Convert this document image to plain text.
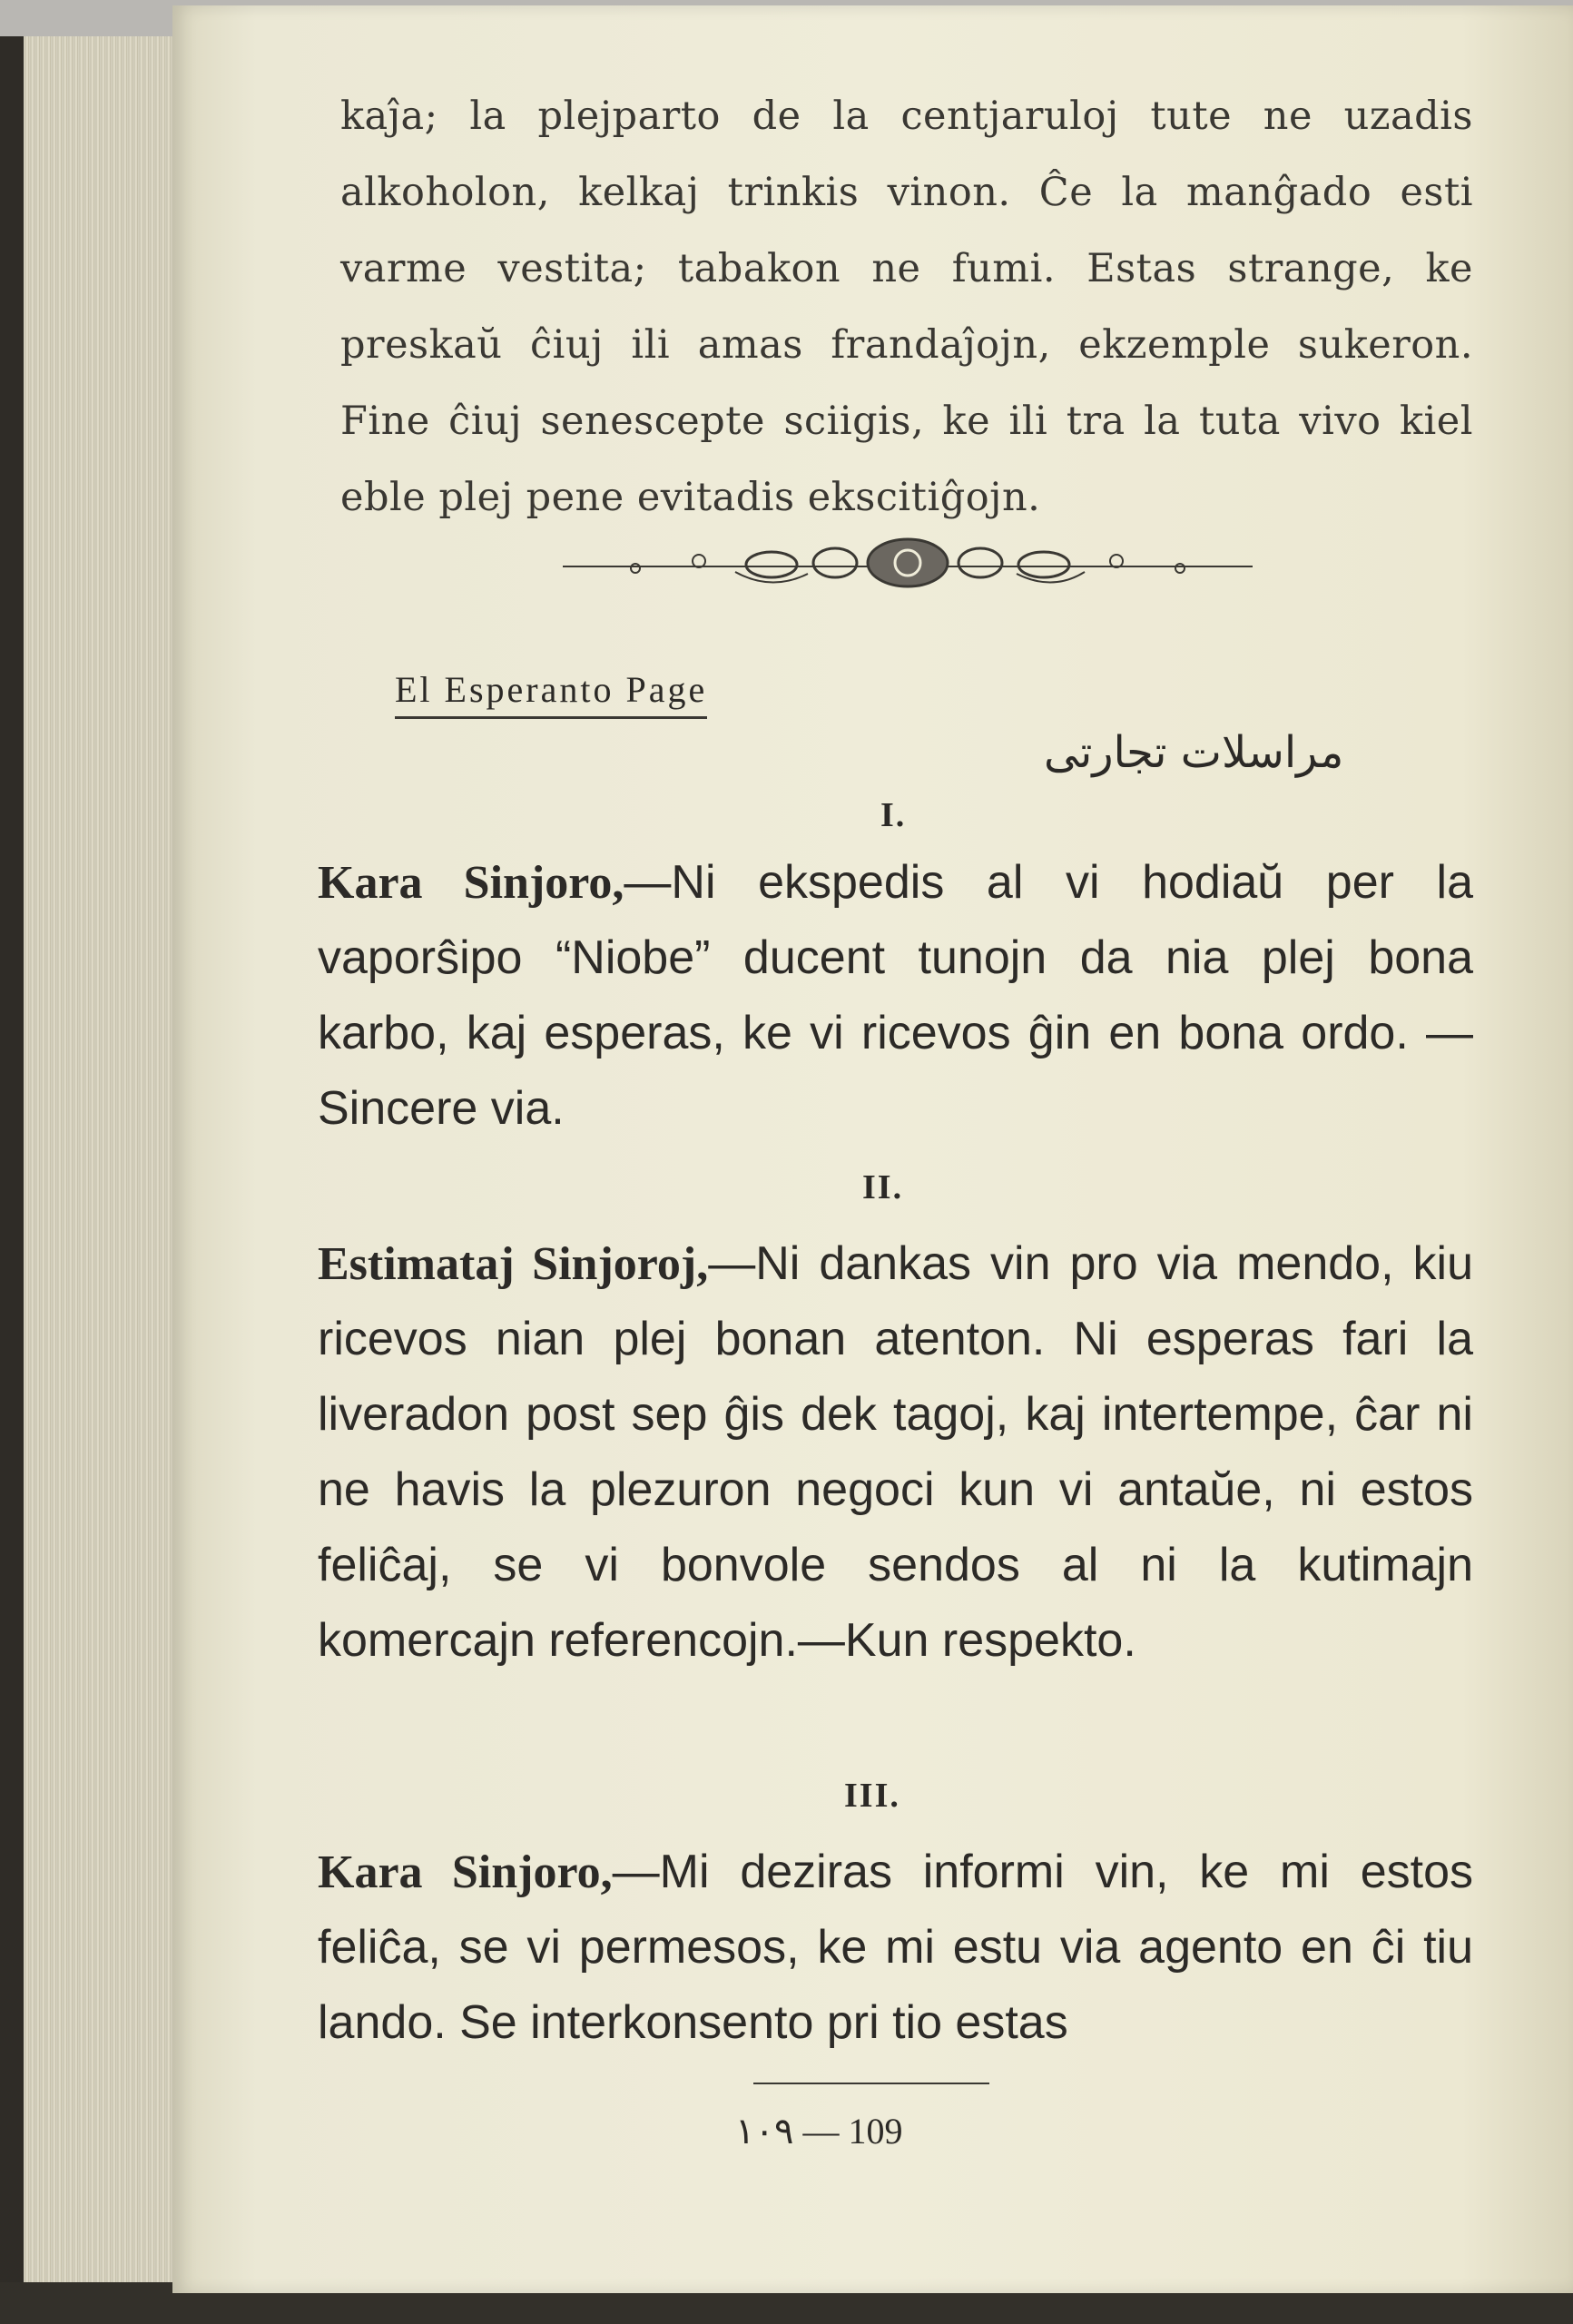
kaĵa; la plejparto de la centjaruloj tute ne uzadis alkoholon, kelkaj trinkis vinon. Ĉe la manĝado esti varme vestita; tabakon ne fumi. Estas strange, ke preskaŭ ĉiuj ili amas frandaĵojn, ekzemple sukeron. Fine ĉiuj senescepte sciigis, ke ili tra la tuta vivo kiel eble plej pene evitadis ekscitiĝojn.
El Esperanto Page
مراسلات تجارتى
I.
Kara Sinjoro,—Ni ekspedis al vi hodiaŭ per la vaporŝipo “Niobe” ducent tunojn da nia plej bona karbo, kaj esperas, ke vi ricevos ĝin en bona ordo. —Sincere via.
II.
Estimataj Sinjoroj,—Ni dankas vin pro via mendo, kiu ricevos nian plej bonan atenton. Ni esperas fari la liveradon post sep ĝis dek tagoj, kaj intertempe, ĉar ni ne havis la plezuron negoci kun vi antaŭe, ni estos feliĉaj, se vi bonvole sendos al ni la kutimajn komercajn referencojn.—Kun respekto.
III.
Kara Sinjoro,—Mi deziras informi vin, ke mi estos feliĉa, se vi permesos, ke mi estu via agento en ĉi tiu lando. Se interkonsento pri tio estas
١٠٩ — 109
